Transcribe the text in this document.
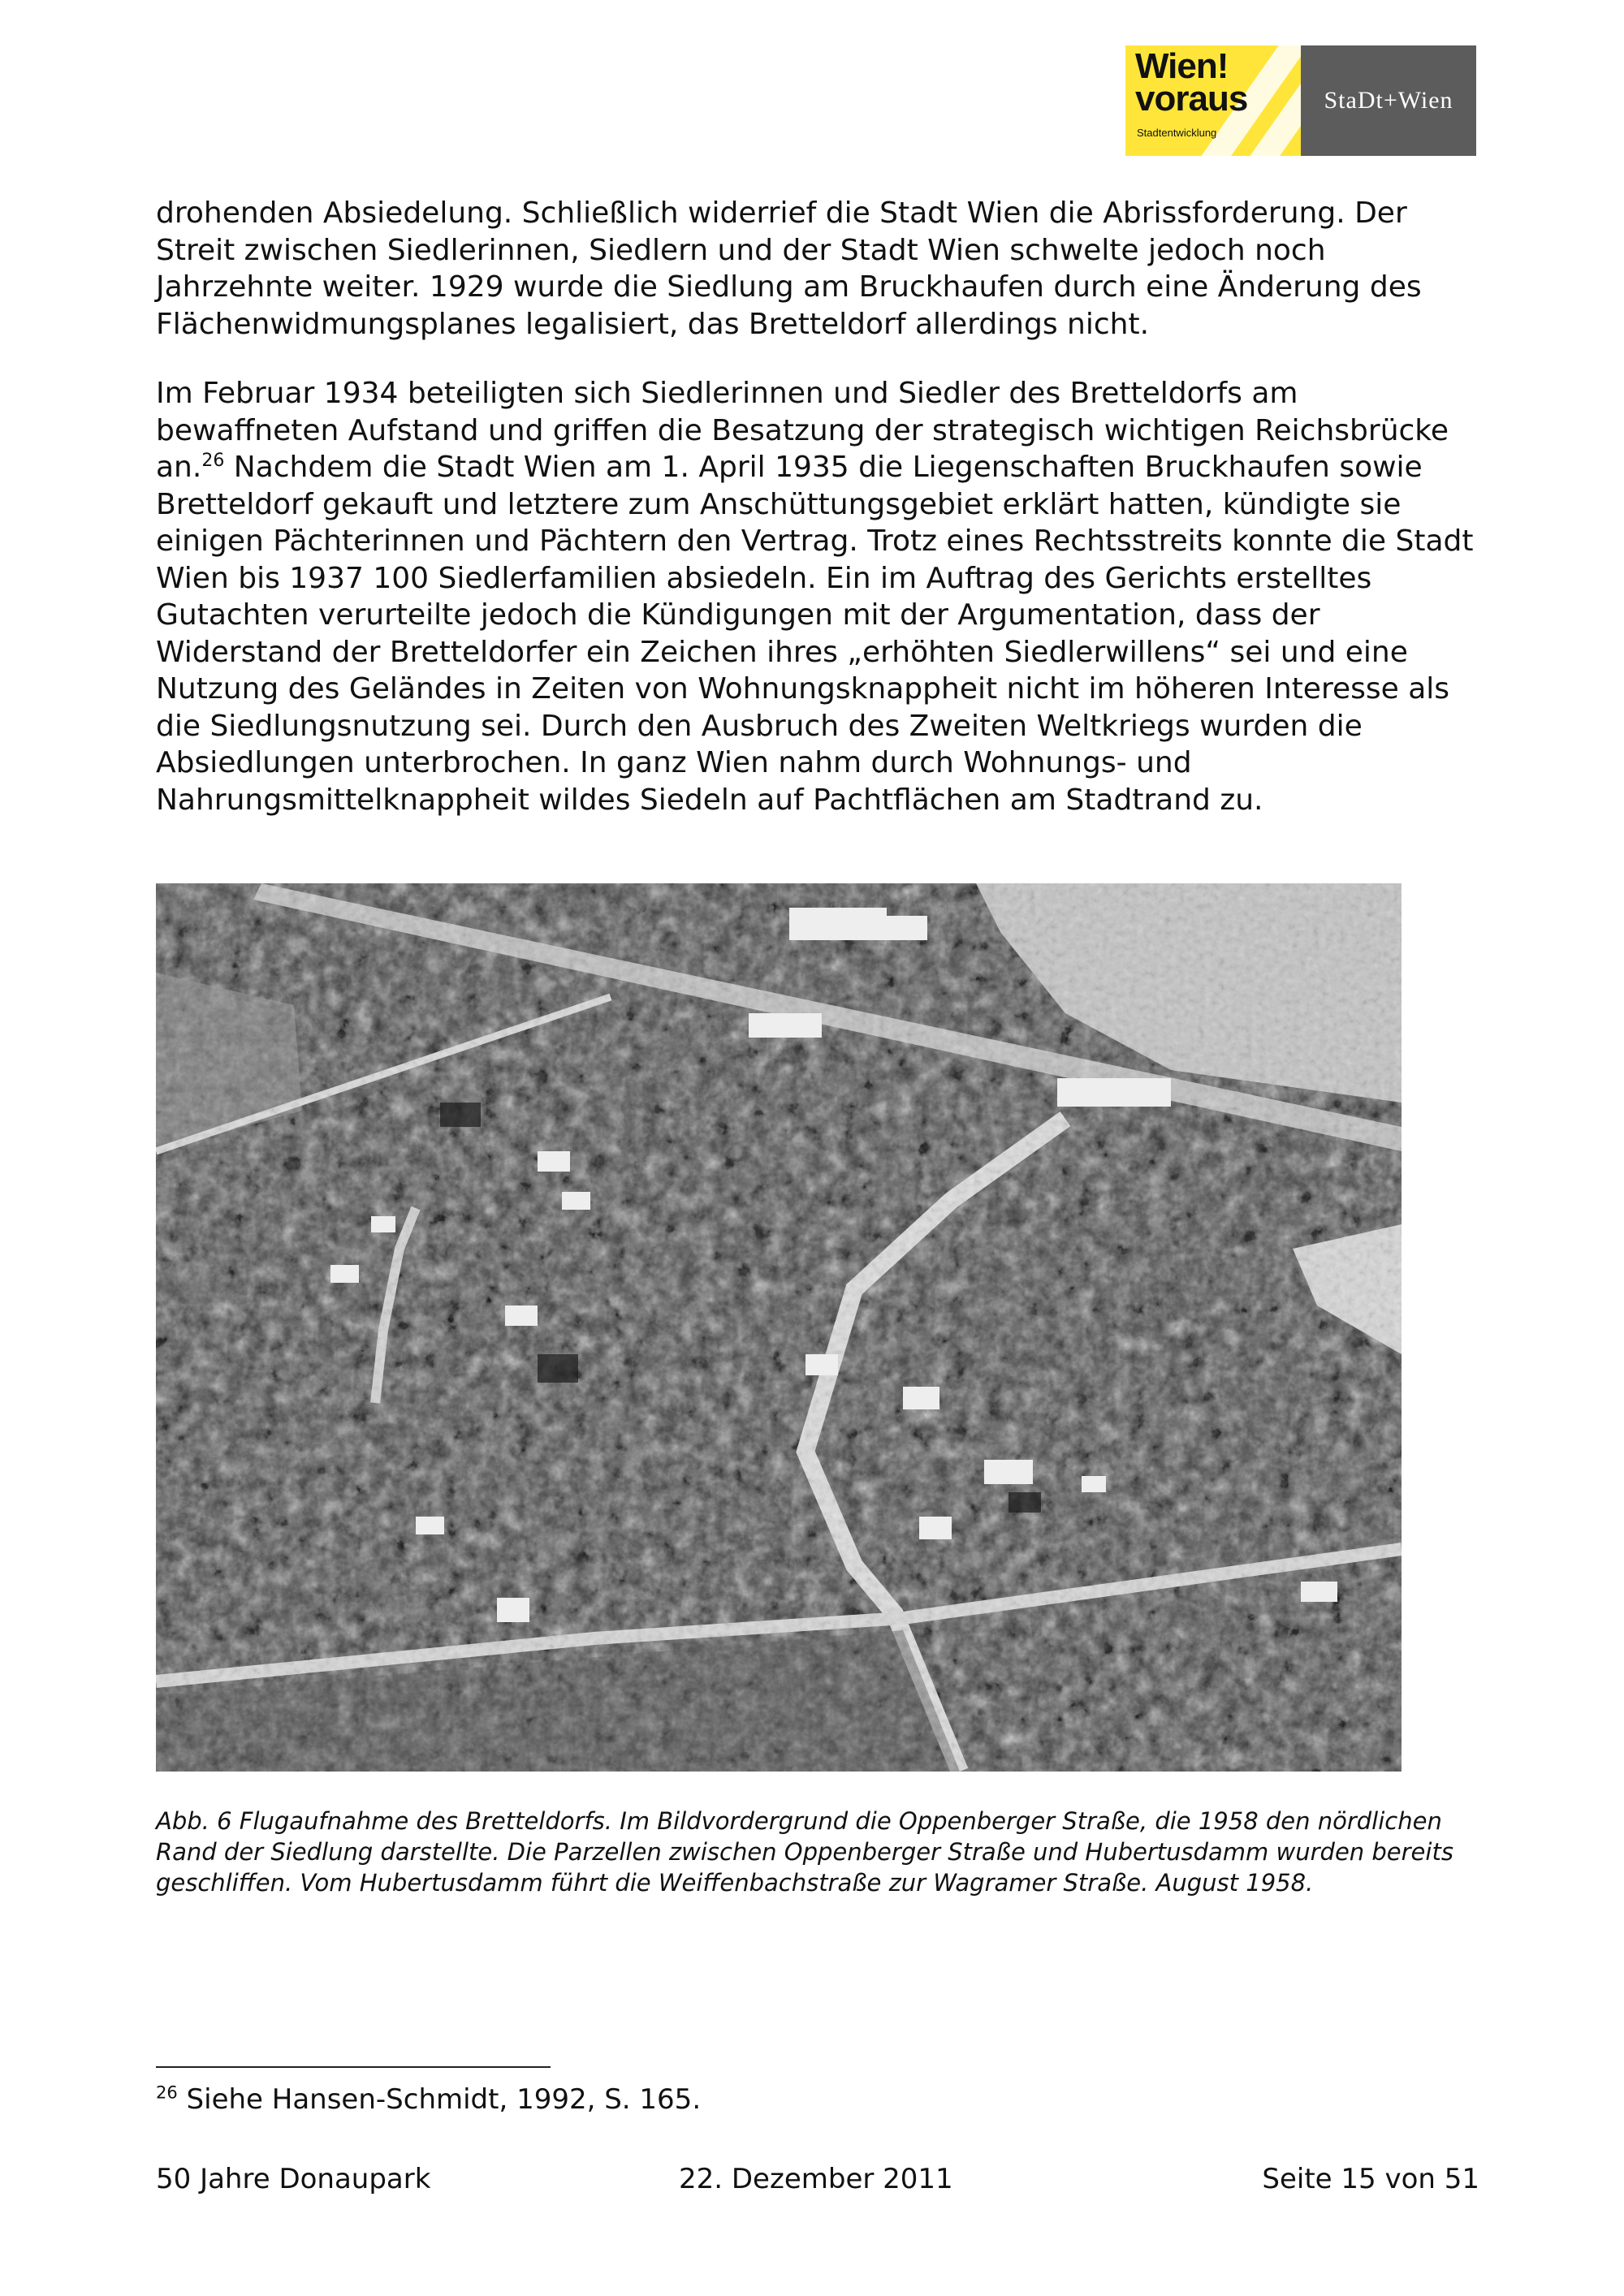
Wien! voraus
Stadtentwicklung
StaDt+Wien

drohenden Absiedelung. Schließlich widerrief die Stadt Wien die Abrissforderung. Der Streit zwischen Siedlerinnen, Siedlern und der Stadt Wien schwelte jedoch noch Jahrzehnte weiter. 1929 wurde die Siedlung am Bruckhaufen durch eine Änderung des Flächenwidmungsplanes legalisiert, das Bretteldorf allerdings nicht.

Im Februar 1934 beteiligten sich Siedlerinnen und Siedler des Bretteldorfs am bewaffneten Aufstand und griffen die Besatzung der strategisch wichtigen Reichsbrücke an.$^{26}$ Nachdem die Stadt Wien am 1. April 1935 die Liegenschaften Bruckhaufen sowie Bretteldorf gekauft und letztere zum Anschüttungsgebiet erklärt hatten, kündigte sie einigen Pächterinnen und Pächtern den Vertrag. Trotz eines Rechtsstreits konnte die Stadt Wien bis 1937 100 Siedlerfamilien absiedeln. Ein im Auftrag des Gerichts erstelltes Gutachten verurteilte jedoch die Kündigungen mit der Argumentation, dass der Widerstand der Bretteldorfer ein Zeichen ihres „erhöhten Siedlerwillens“ sei und eine Nutzung des Geländes in Zeiten von Wohnungsknappheit nicht im höheren Interesse als die Siedlungsnutzung sei. Durch den Ausbruch des Zweiten Weltkriegs wurden die Absiedlungen unterbrochen. In ganz Wien nahm durch Wohnungs- und Nahrungsmittelknappheit wildes Siedeln auf Pachtflächen am Stadtrand zu.

Abb. 6 Flugaufnahme des Bretteldorfs. Im Bildvordergrund die Oppenberger Straße, die 1958 den nördlichen Rand der Siedlung darstellte. Die Parzellen zwischen Oppenberger Straße und Hubertusdamm wurden bereits geschliffen. Vom Hubertusdamm führt die Weiffenbachstraße zur Wagramer Straße. August 1958.

$^{26}$ Siehe Hansen-Schmidt, 1992, S. 165.

50 Jahre Donaupark	22. Dezember 2011	Seite 15 von 51
